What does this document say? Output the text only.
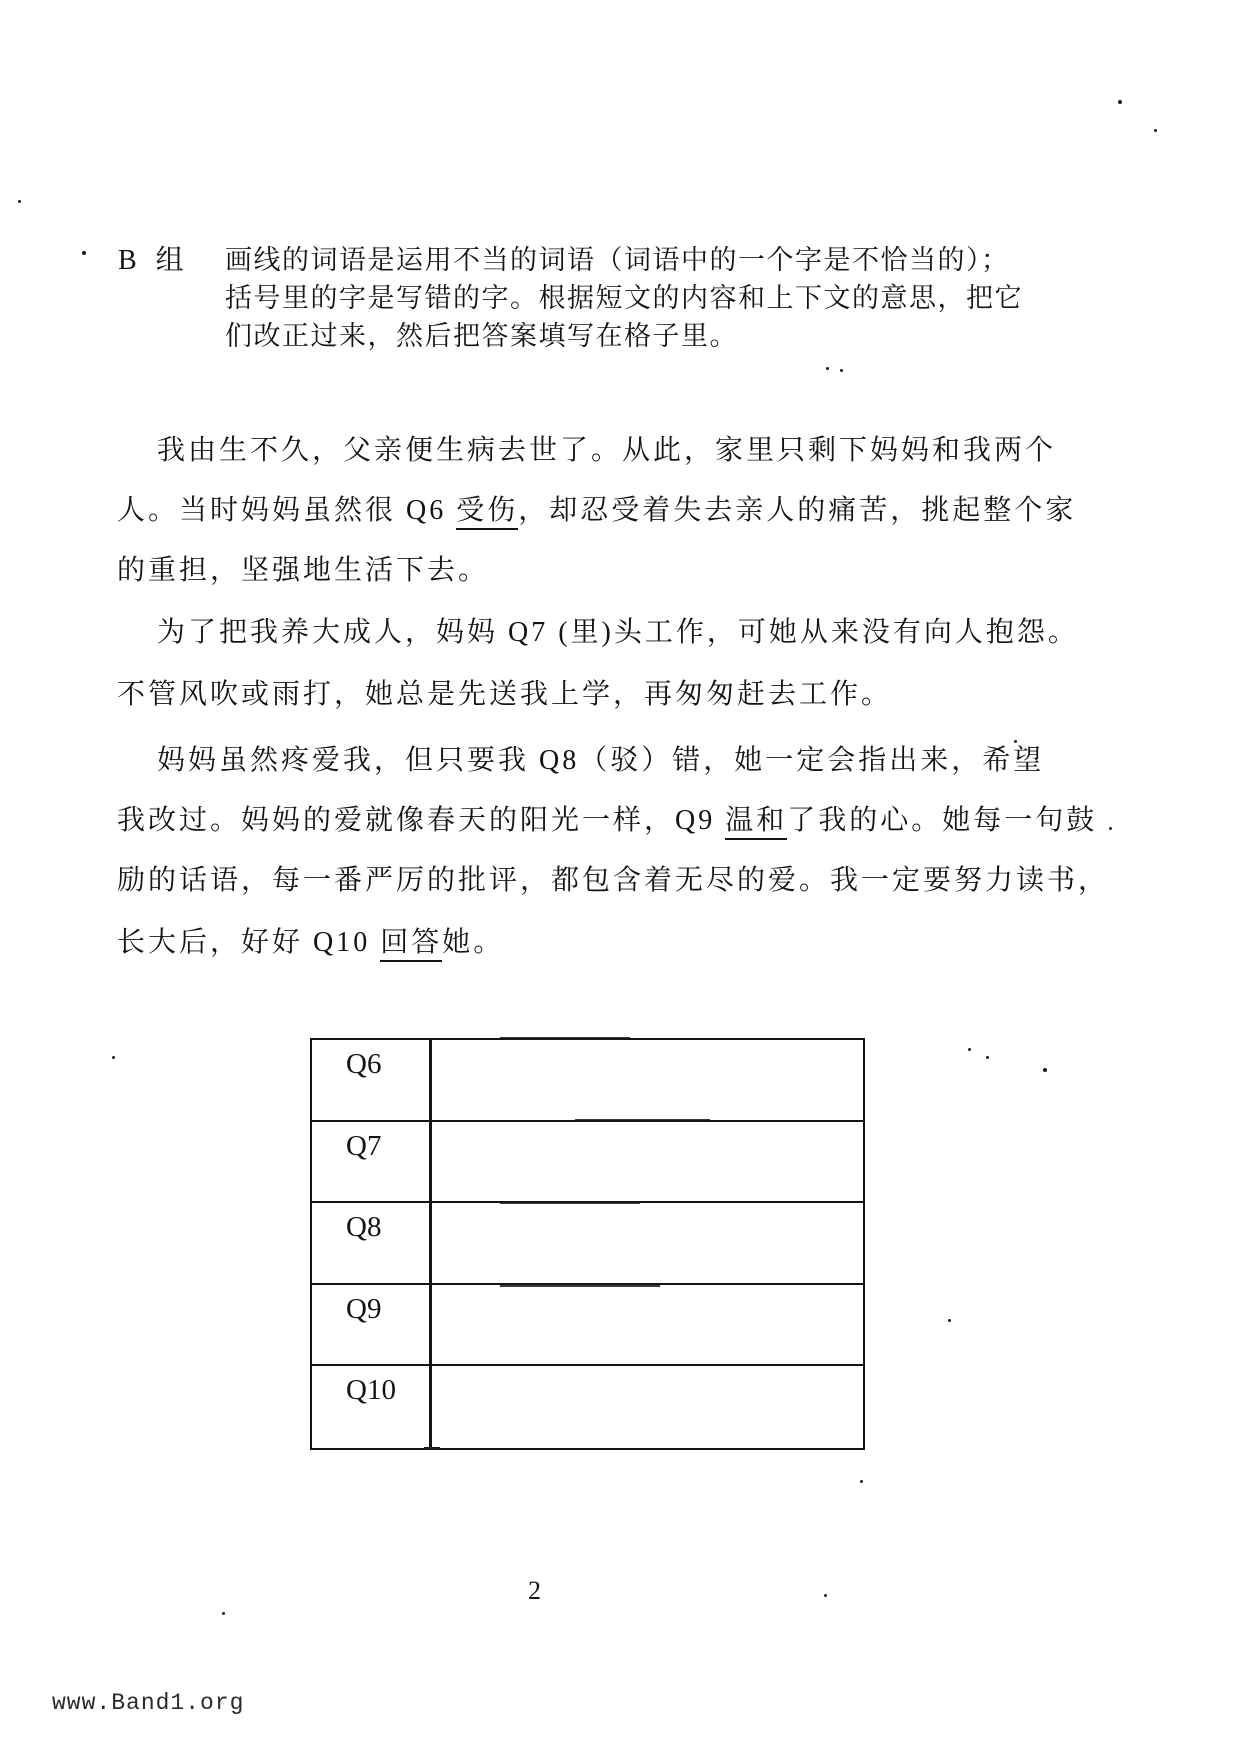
B 组 画线的词语是运用不当的词语（词语中的一个字是不恰当的）；
括号里的字是写错的字。根据短文的内容和上下文的意思，把它
们改正过来，然后把答案填写在格子里。
我由生不久，父亲便生病去世了。从此，家里只剩下妈妈和我两个
人。当时妈妈虽然很 Q6 受伤，却忍受着失去亲人的痛苦，挑起整个家
的重担，坚强地生活下去。
为了把我养大成人，妈妈 Q7 (里)头工作，可她从来没有向人抱怨。
不管风吹或雨打，她总是先送我上学，再匆匆赶去工作。
妈妈虽然疼爱我，但只要我 Q8（驳）错，她一定会指出来，希望
我改过。妈妈的爱就像春天的阳光一样，Q9 温和了我的心。她每一句鼓
励的话语，每一番严厉的批评，都包含着无尽的爱。我一定要努力读书，
长大后，好好 Q10 回答她。
Q6
Q7
Q8
Q9
Q10
2
www.Band1.org
